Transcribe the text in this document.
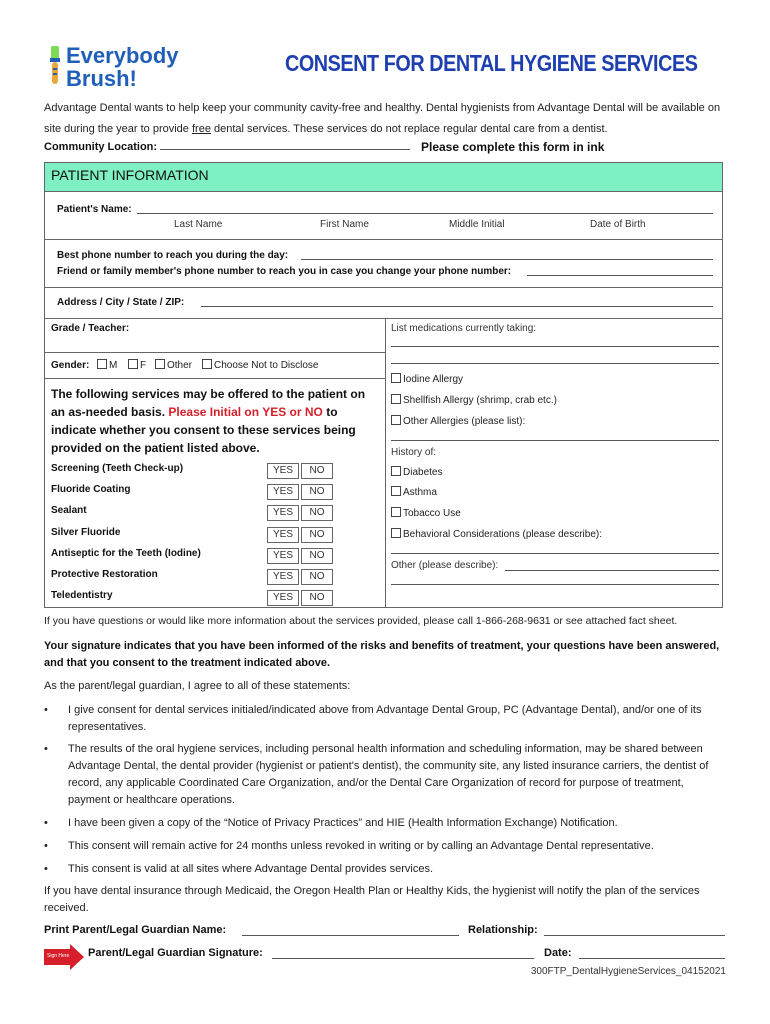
Everybody
Brush!
CONSENT FOR DENTAL HYGIENE SERVICES
Advantage Dental wants to help keep your community cavity-free and healthy. Dental hygienists from Advantage Dental will be available on site during the year to provide free dental services. These services do not replace regular dental care from a dentist.
Community Location:	Please complete this form in ink
PATIENT INFORMATION
Patient's Name:
Last Name	First Name	Middle Initial	Date of Birth
Best phone number to reach you during the day:
Friend or family member's phone number to reach you in case you change your phone number:
Address / City / State / ZIP:
Grade / Teacher:
Gender:	M	F	Other	Choose Not to Disclose
The following services may be offered to the patient on an as-needed basis. Please Initial on YES or NO to indicate whether you consent to these services being provided on the patient listed above.
Screening (Teeth Check-up)	YES	NO
Fluoride Coating	YES	NO
Sealant	YES	NO
Silver Fluoride	YES	NO
Antiseptic for the Teeth (Iodine)	YES	NO
Protective Restoration	YES	NO
Teledentistry	YES	NO
List medications currently taking:
Iodine Allergy
Shellfish Allergy (shrimp, crab etc.)
Other Allergies (please list):
History of:
Diabetes
Asthma
Tobacco Use
Behavioral Considerations (please describe):
Other (please describe):
If you have questions or would like more information about the services provided, please call 1-866-268-9631 or see attached fact sheet.
Your signature indicates that you have been informed of the risks and benefits of treatment, your questions have been answered, and that you consent to the treatment indicated above.
As the parent/legal guardian, I agree to all of these statements:
• I give consent for dental services initialed/indicated above from Advantage Dental Group, PC (Advantage Dental), and/or one of its representatives.
• The results of the oral hygiene services, including personal health information and scheduling information, may be shared between Advantage Dental, the dental provider (hygienist or patient's dentist), the community site, any listed insurance carriers, the dentist of record, any applicable Coordinated Care Organization, and/or the Dental Care Organization of record for purpose of treatment, payment or healthcare operations.
• I have been given a copy of the “Notice of Privacy Practices” and HIE (Health Information Exchange) Notification.
• This consent will remain active for 24 months unless revoked in writing or by calling an Advantage Dental representative.
• This consent is valid at all sites where Advantage Dental provides services.
If you have dental insurance through Medicaid, the Oregon Health Plan or Healthy Kids, the hygienist will notify the plan of the services received.
Print Parent/Legal Guardian Name:	Relationship:
Sign Here Parent/Legal Guardian Signature:	Date:
300FTP_DentalHygieneServices_04152021
